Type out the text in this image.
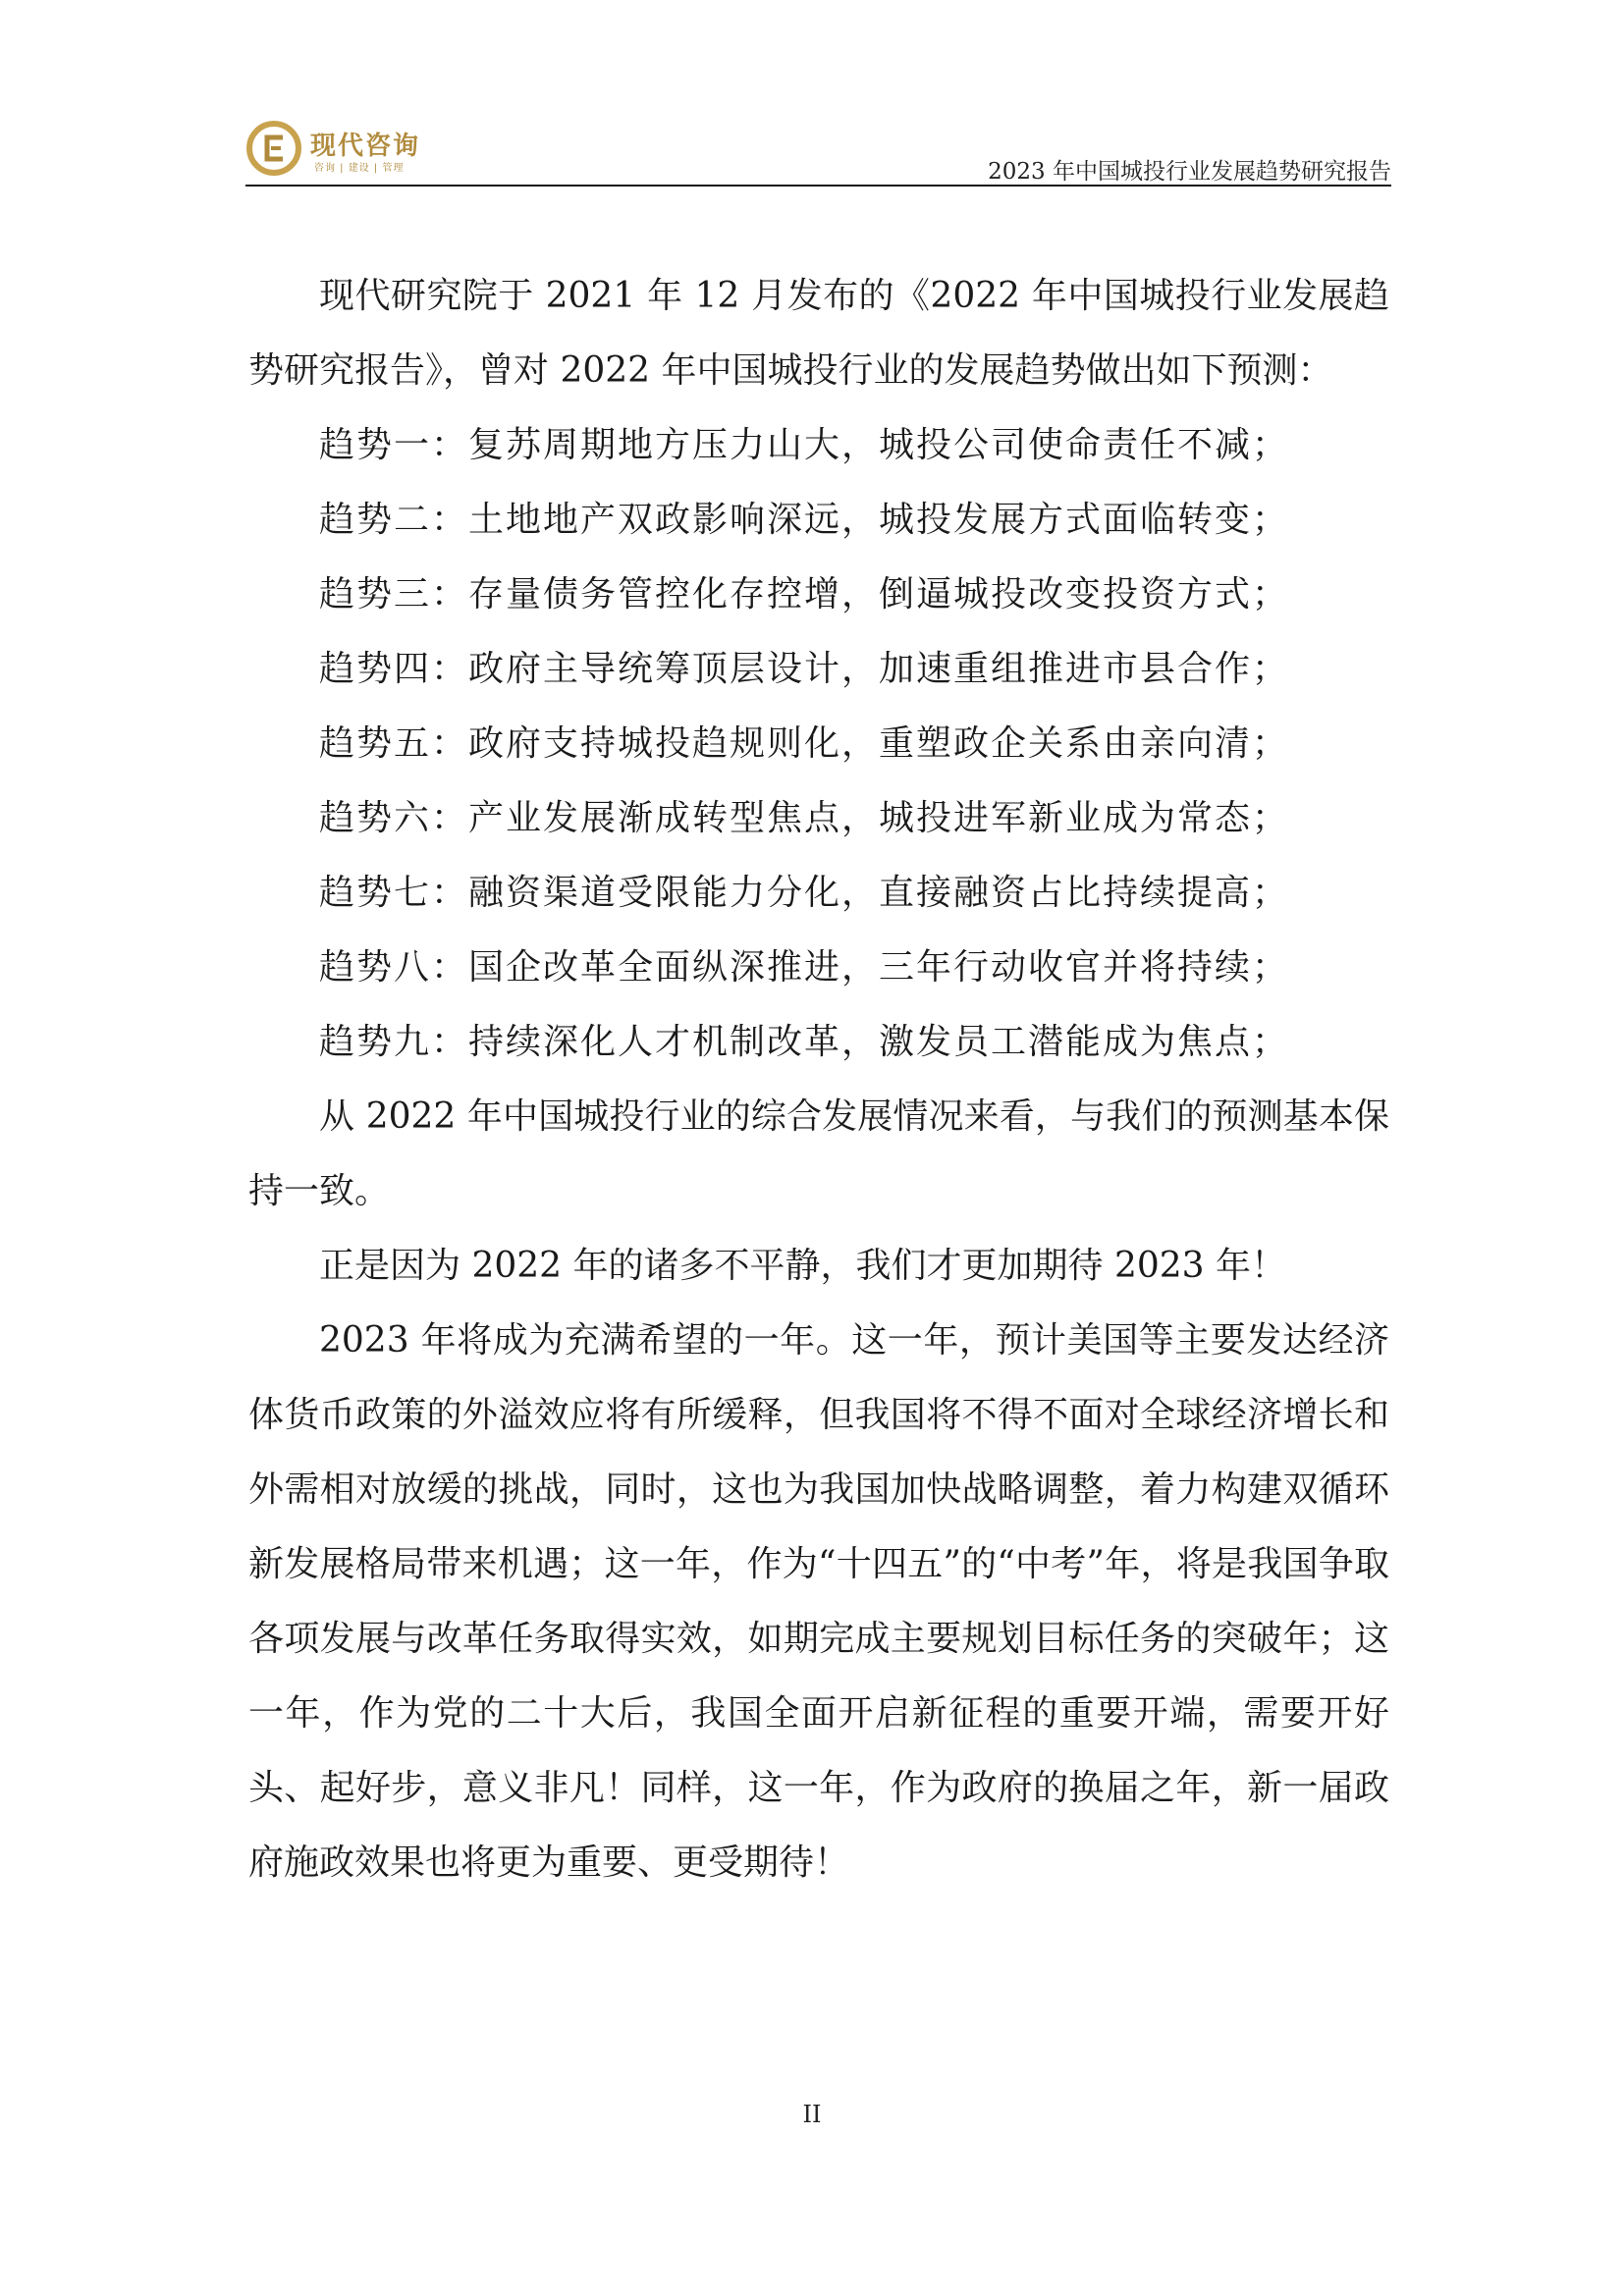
现代咨询
咨询 | 建设 | 管理	2023 年中国城投行业发展趋势研究报告

现代研究院于 2021 年 12 月发布的《2022 年中国城投行业发展趋势研究报告》，曾对 2022 年中国城投行业的发展趋势做出如下预测：

趋势一：复苏周期地方压力山大，城投公司使命责任不减；

趋势二：土地地产双政影响深远，城投发展方式面临转变；

趋势三：存量债务管控化存控增，倒逼城投改变投资方式；

趋势四：政府主导统筹顶层设计，加速重组推进市县合作；

趋势五：政府支持城投趋规则化，重塑政企关系由亲向清；

趋势六：产业发展渐成转型焦点，城投进军新业成为常态；

趋势七：融资渠道受限能力分化，直接融资占比持续提高；

趋势八：国企改革全面纵深推进，三年行动收官并将持续；

趋势九：持续深化人才机制改革，激发员工潜能成为焦点；

从 2022 年中国城投行业的综合发展情况来看，与我们的预测基本保持一致。

正是因为 2022 年的诸多不平静，我们才更加期待 2023 年！

2023 年将成为充满希望的一年。这一年，预计美国等主要发达经济体货币政策的外溢效应将有所缓释，但我国将不得不面对全球经济增长和外需相对放缓的挑战，同时，这也为我国加快战略调整，着力构建双循环新发展格局带来机遇；这一年，作为“十四五”的“中考”年，将是我国争取各项发展与改革任务取得实效，如期完成主要规划目标任务的突破年；这一年，作为党的二十大后，我国全面开启新征程的重要开端，需要开好头、起好步，意义非凡！同样，这一年，作为政府的换届之年，新一届政府施政效果也将更为重要、更受期待！

II
